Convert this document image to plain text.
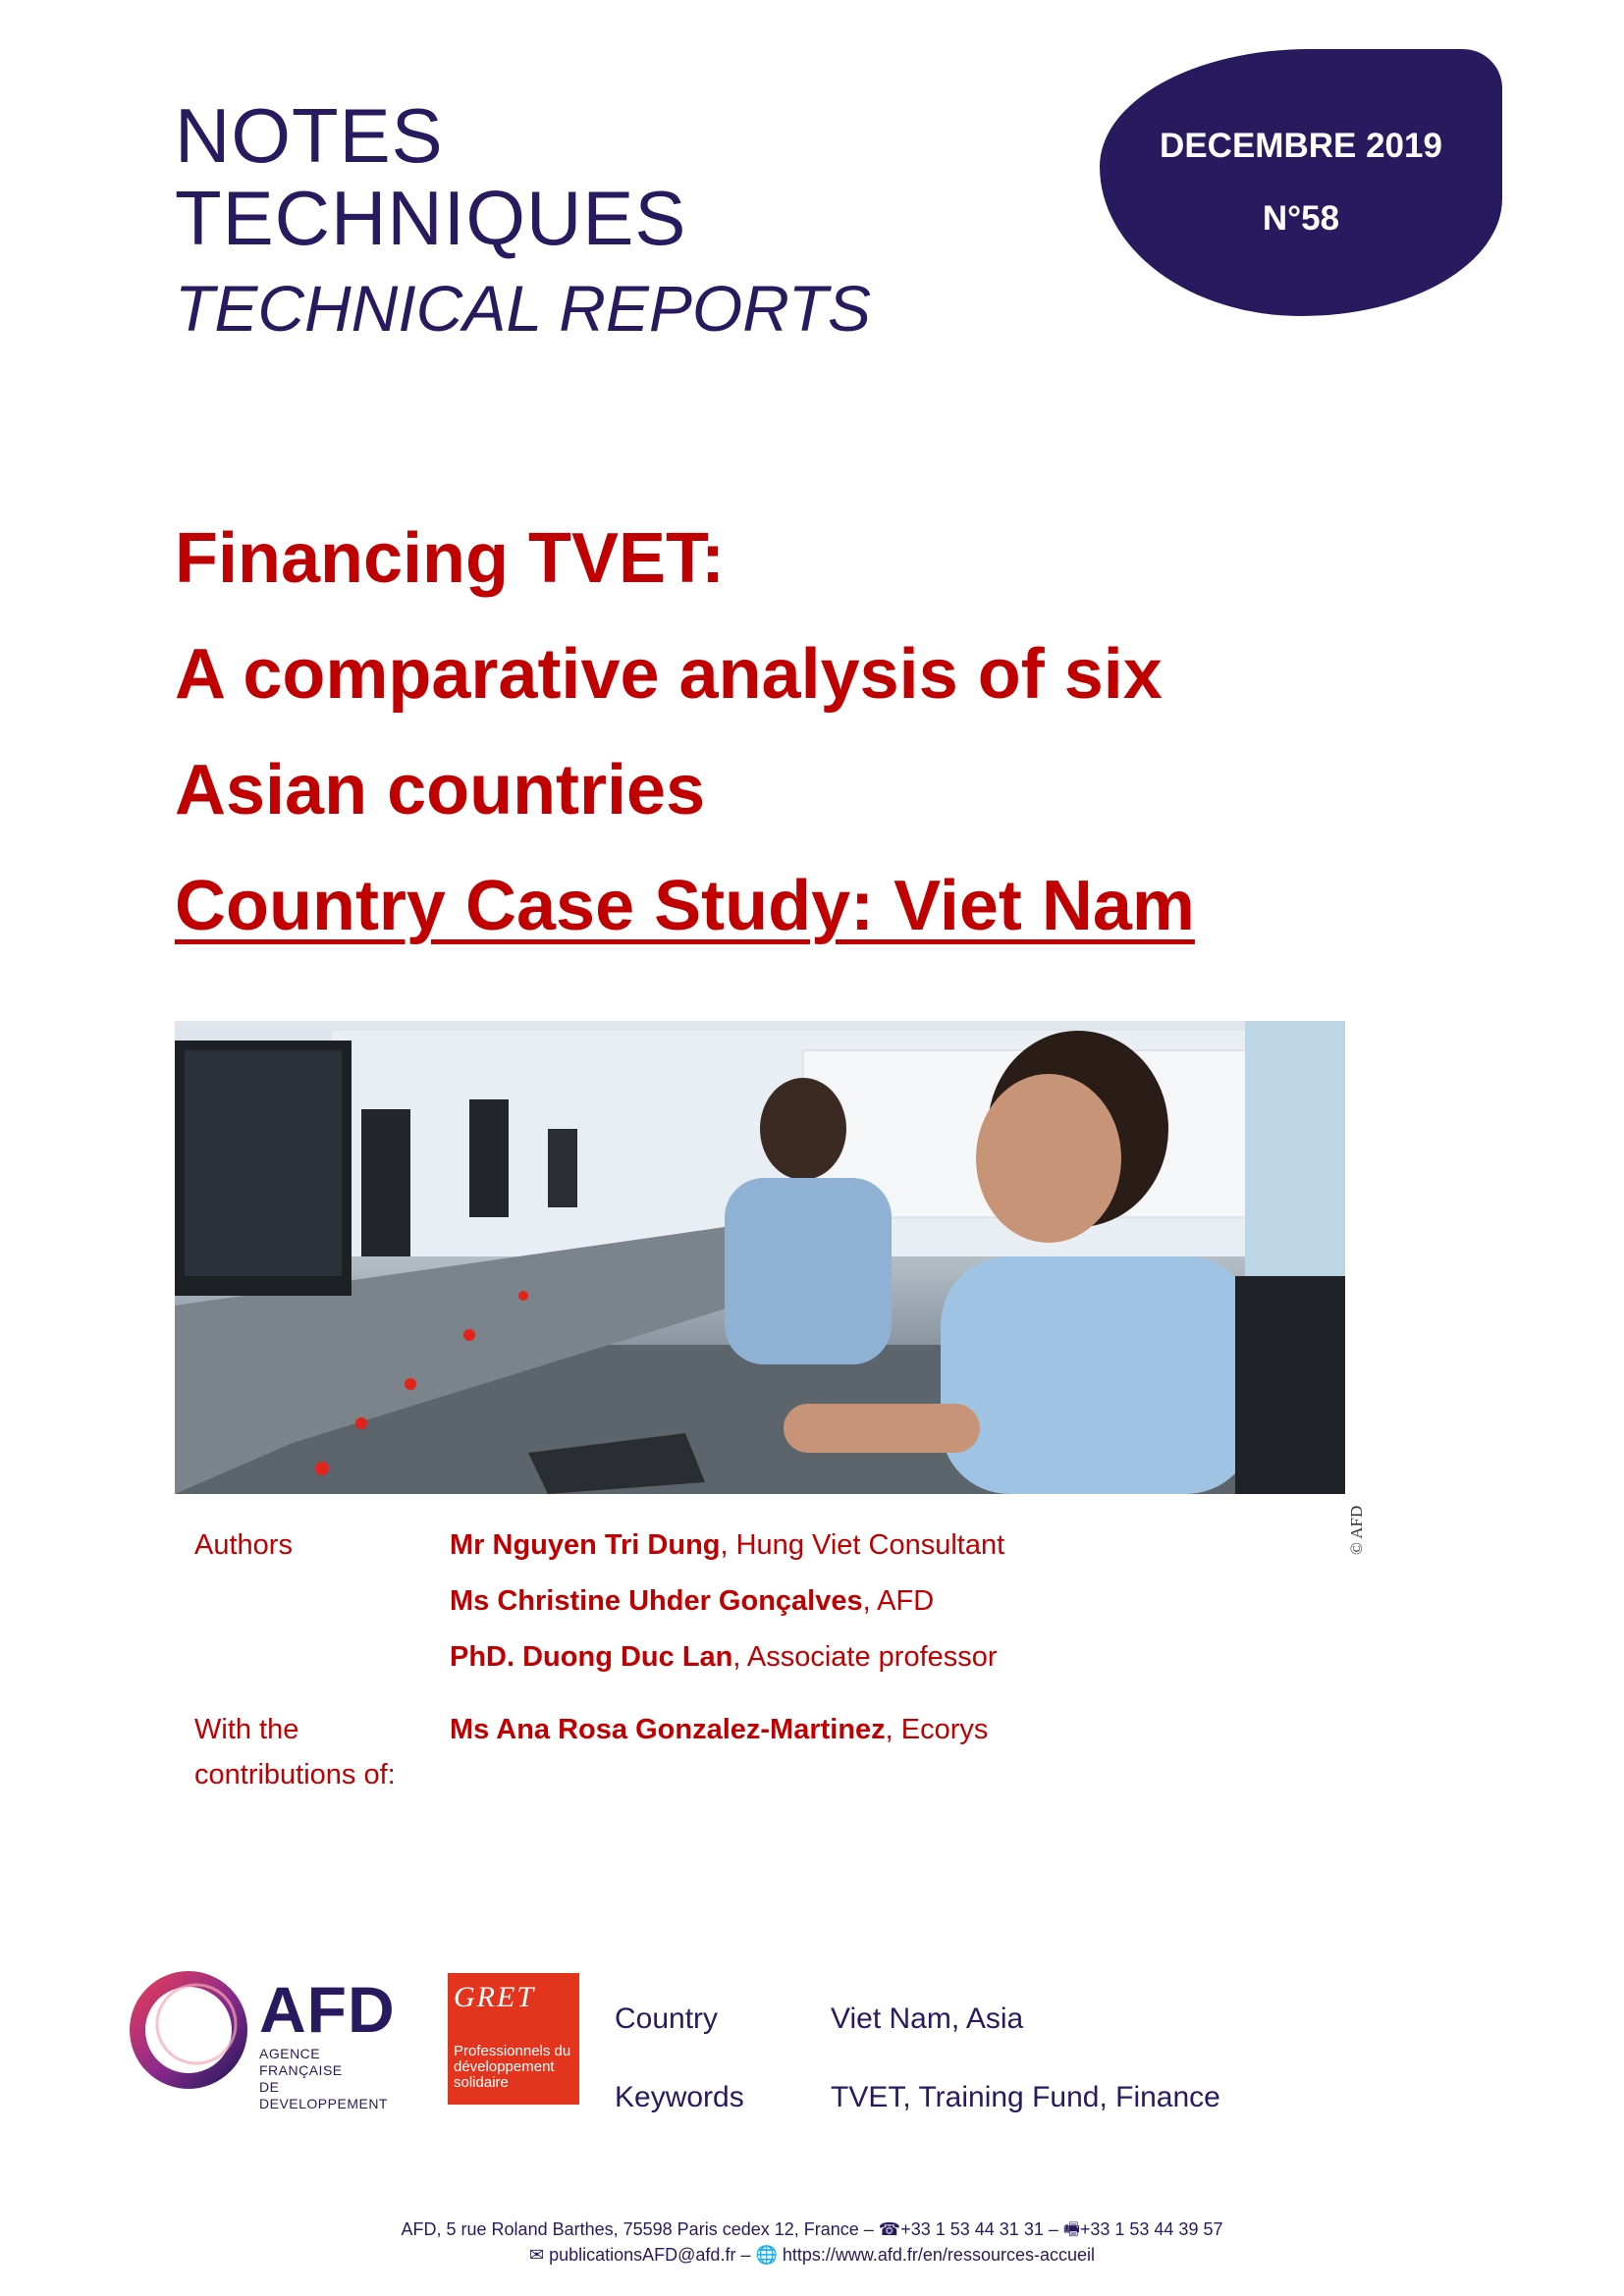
NOTES
TECHNIQUES
TECHNICAL REPORTS
DECEMBRE 2019
N°58
Financing TVET:
A comparative analysis of six
Asian countries
Country Case Study: Viet Nam
© AFD
Authors	Mr Nguyen Tri Dung, Hung Viet Consultant
Ms Christine Uhder Gonçalves, AFD
PhD. Duong Duc Lan, Associate professor
With the
contributions of:
Ms Ana Rosa Gonzalez-Martinez, Ecorys
AFD
AGENCE FRANÇAISE
DE DEVELOPPEMENT
GRET
Professionnels du
développement
solidaire
Country	Viet Nam, Asia
Keywords	TVET, Training Fund, Finance
AFD, 5 rue Roland Barthes, 75598 Paris cedex 12, France – ☎+33 1 53 44 31 31 – 🖷+33 1 53 44 39 57
✉ publicationsAFD@afd.fr – 🌐 https://www.afd.fr/en/ressources-accueil
